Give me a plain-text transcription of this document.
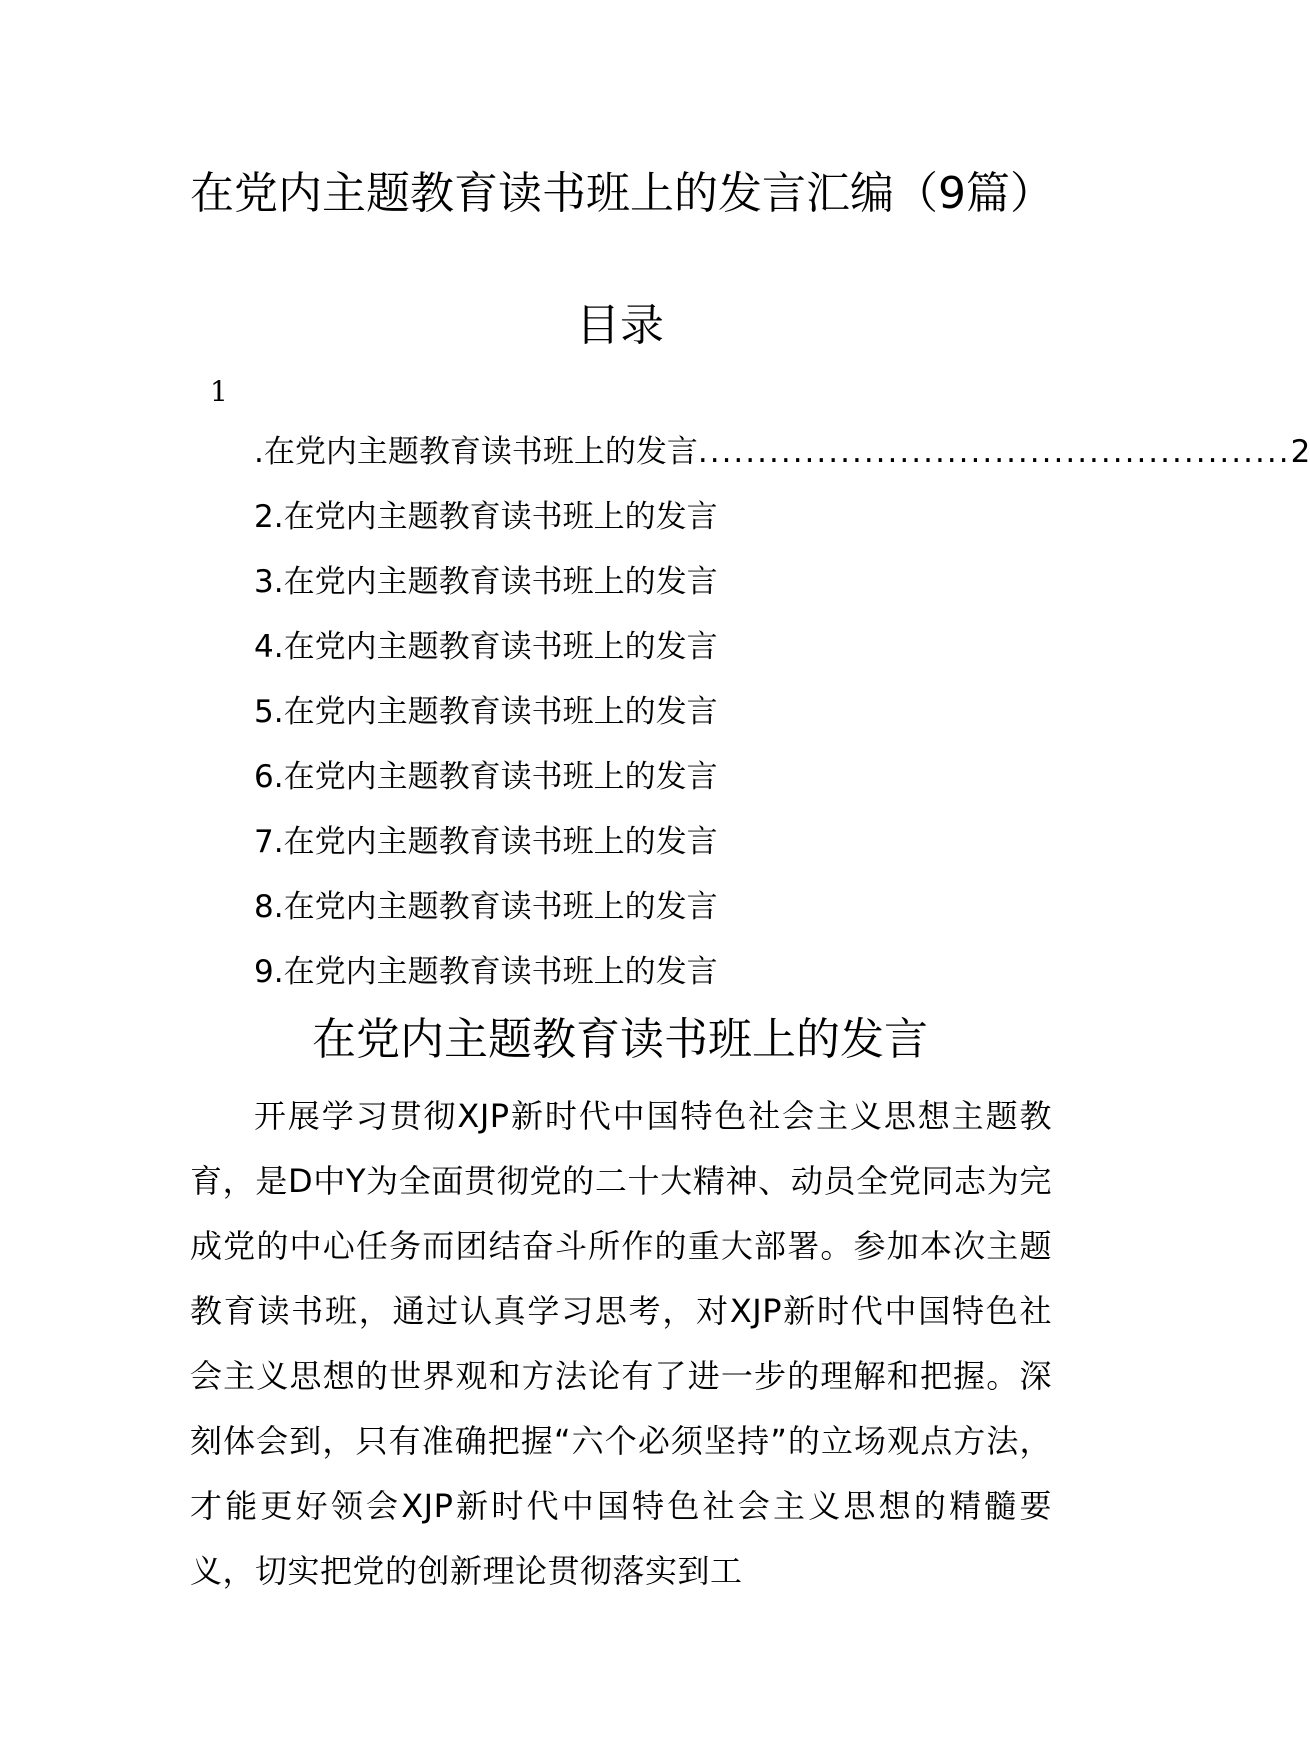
在党内主题教育读书班上的发言汇编（9篇）
目录
1
.在党内主题教育读书班上的发言 .................................................. 2
2.在党内主题教育读书班上的发言
3.在党内主题教育读书班上的发言
4.在党内主题教育读书班上的发言
5.在党内主题教育读书班上的发言
6.在党内主题教育读书班上的发言
7.在党内主题教育读书班上的发言
8.在党内主题教育读书班上的发言
9.在党内主题教育读书班上的发言
在党内主题教育读书班上的发言

开展学习贯彻XJP新时代中国特色社会主义思想主题教育，是D中Y为全面贯彻党的二十大精神、动员全党同志为完成党的中心任务而团结奋斗所作的重大部署。参加本次主题教育读书班，通过认真学习思考，对XJP新时代中国特色社会主义思想的世界观和方法论有了进一步的理解和把握。深刻体会到，只有准确把握“六个必须坚持”的立场观点方法，才能更好领会XJP新时代中国特色社会主义思想的精髓要义，切实把党的创新理论贯彻落实到工
